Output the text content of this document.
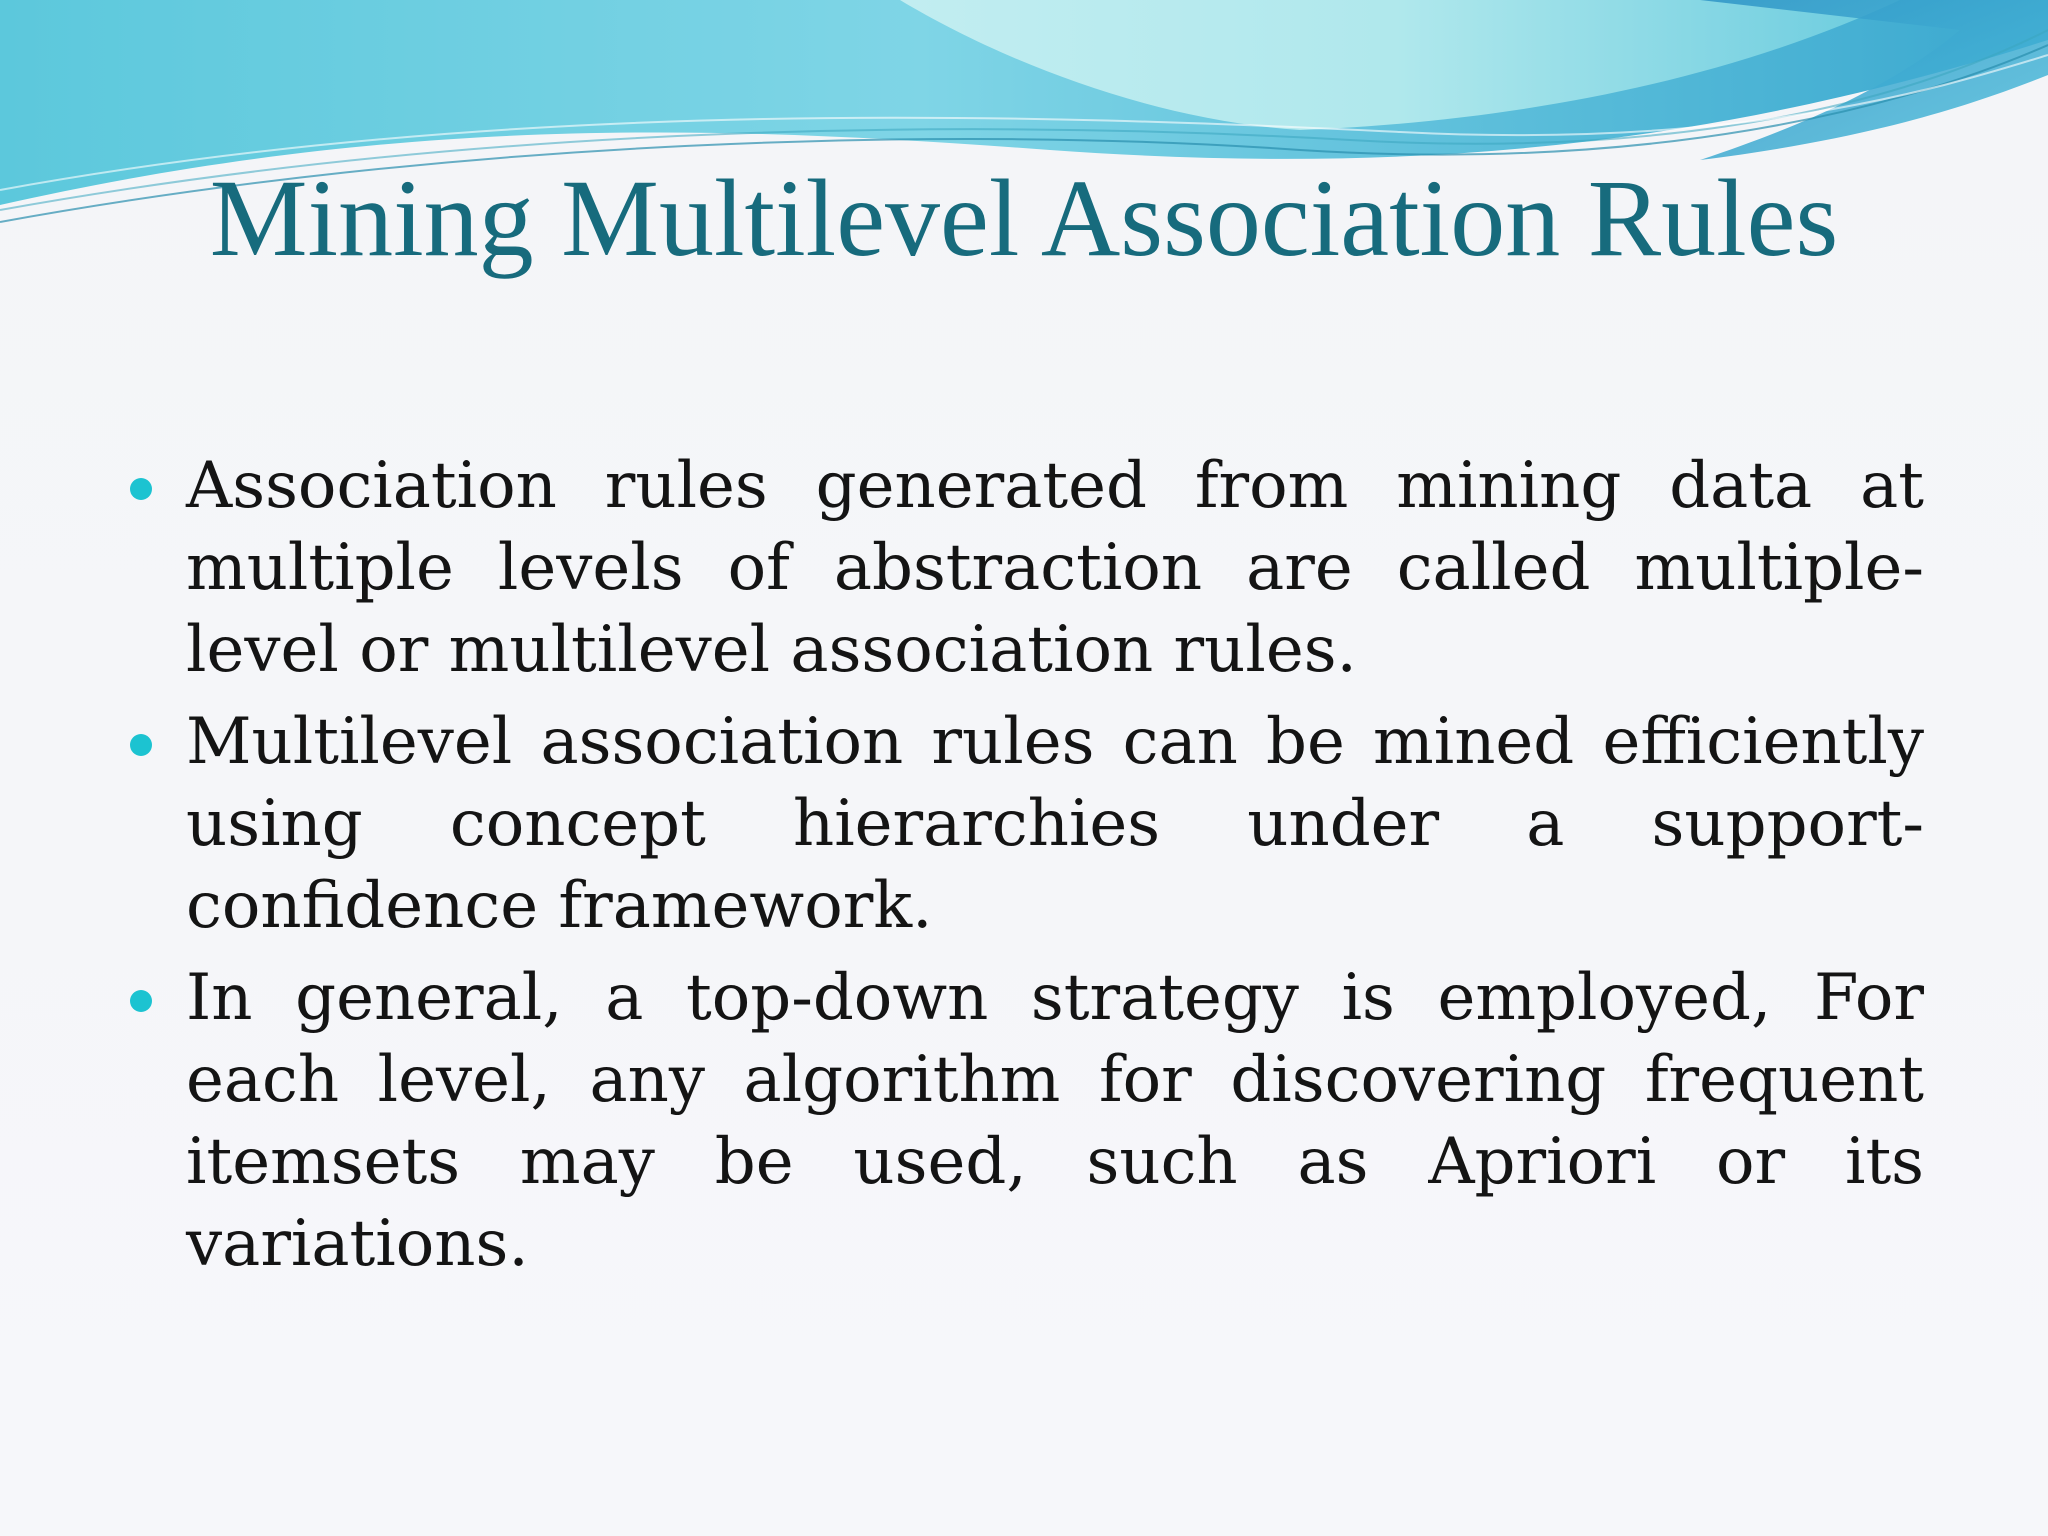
Mining Multilevel Association Rules
Association rules generated from mining data at multiple levels of abstraction are called multiple-level or multilevel association rules.
Multilevel association rules can be mined efficiently using concept hierarchies under a support-confidence framework.
In general, a top-down strategy is employed, For each level, any algorithm for discovering frequent itemsets may be used, such as Apriori or its variations.
